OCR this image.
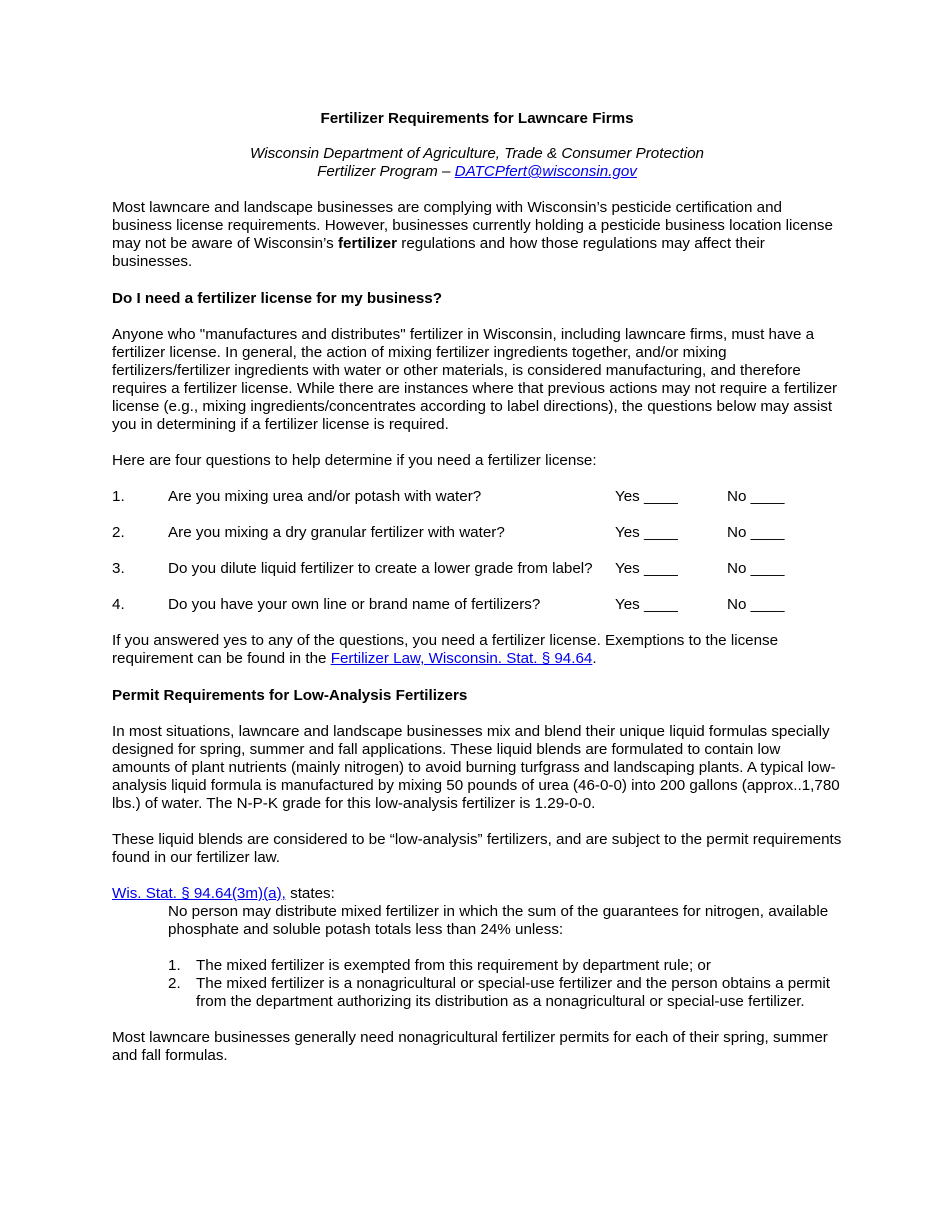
Fertilizer Requirements for Lawncare Firms

Wisconsin Department of Agriculture, Trade & Consumer Protection

Fertilizer Program – DATCPfert@wisconsin.gov

Most lawncare and landscape businesses are complying with Wisconsin’s pesticide certification and business license requirements. However, businesses currently holding a pesticide business location license may not be aware of Wisconsin’s fertilizer regulations and how those regulations may affect their businesses.

Do I need a fertilizer license for my business?

Anyone who "manufactures and distributes" fertilizer in Wisconsin, including lawncare firms, must have a fertilizer license. In general, the action of mixing fertilizer ingredients together, and/or mixing fertilizers/fertilizer ingredients with water or other materials, is considered manufacturing, and therefore requires a fertilizer license. While there are instances where that previous actions may not require a fertilizer license (e.g., mixing ingredients/concentrates according to label directions), the questions below may assist you in determining if a fertilizer license is required.

Here are four questions to help determine if you need a fertilizer license:

1.	Are you mixing urea and/or potash with water?	Yes ____	No ____
2.	Are you mixing a dry granular fertilizer with water?	Yes ____	No ____
3.	Do you dilute liquid fertilizer to create a lower grade from label?	Yes ____	No ____
4.	Do you have your own line or brand name of fertilizers?	Yes ____	No ____

If you answered yes to any of the questions, you need a fertilizer license. Exemptions to the license requirement can be found in the Fertilizer Law, Wisconsin. Stat. § 94.64.

Permit Requirements for Low-Analysis Fertilizers

In most situations, lawncare and landscape businesses mix and blend their unique liquid formulas specially designed for spring, summer and fall applications. These liquid blends are formulated to contain low amounts of plant nutrients (mainly nitrogen) to avoid burning turfgrass and landscaping plants. A typical low-analysis liquid formula is manufactured by mixing 50 pounds of urea (46-0-0) into 200 gallons (approx..1,780 lbs.) of water. The N-P-K grade for this low-analysis fertilizer is 1.29-0-0.

These liquid blends are considered to be “low-analysis” fertilizers, and are subject to the permit requirements found in our fertilizer law.

Wis. Stat. § 94.64(3m)(a), states:

No person may distribute mixed fertilizer in which the sum of the guarantees for nitrogen, available phosphate and soluble potash totals less than 24% unless:

1.	The mixed fertilizer is exempted from this requirement by department rule; or
2.	The mixed fertilizer is a nonagricultural or special-use fertilizer and the person obtains a permit from the department authorizing its distribution as a nonagricultural or special-use fertilizer.

Most lawncare businesses generally need nonagricultural fertilizer permits for each of their spring, summer and fall formulas.
